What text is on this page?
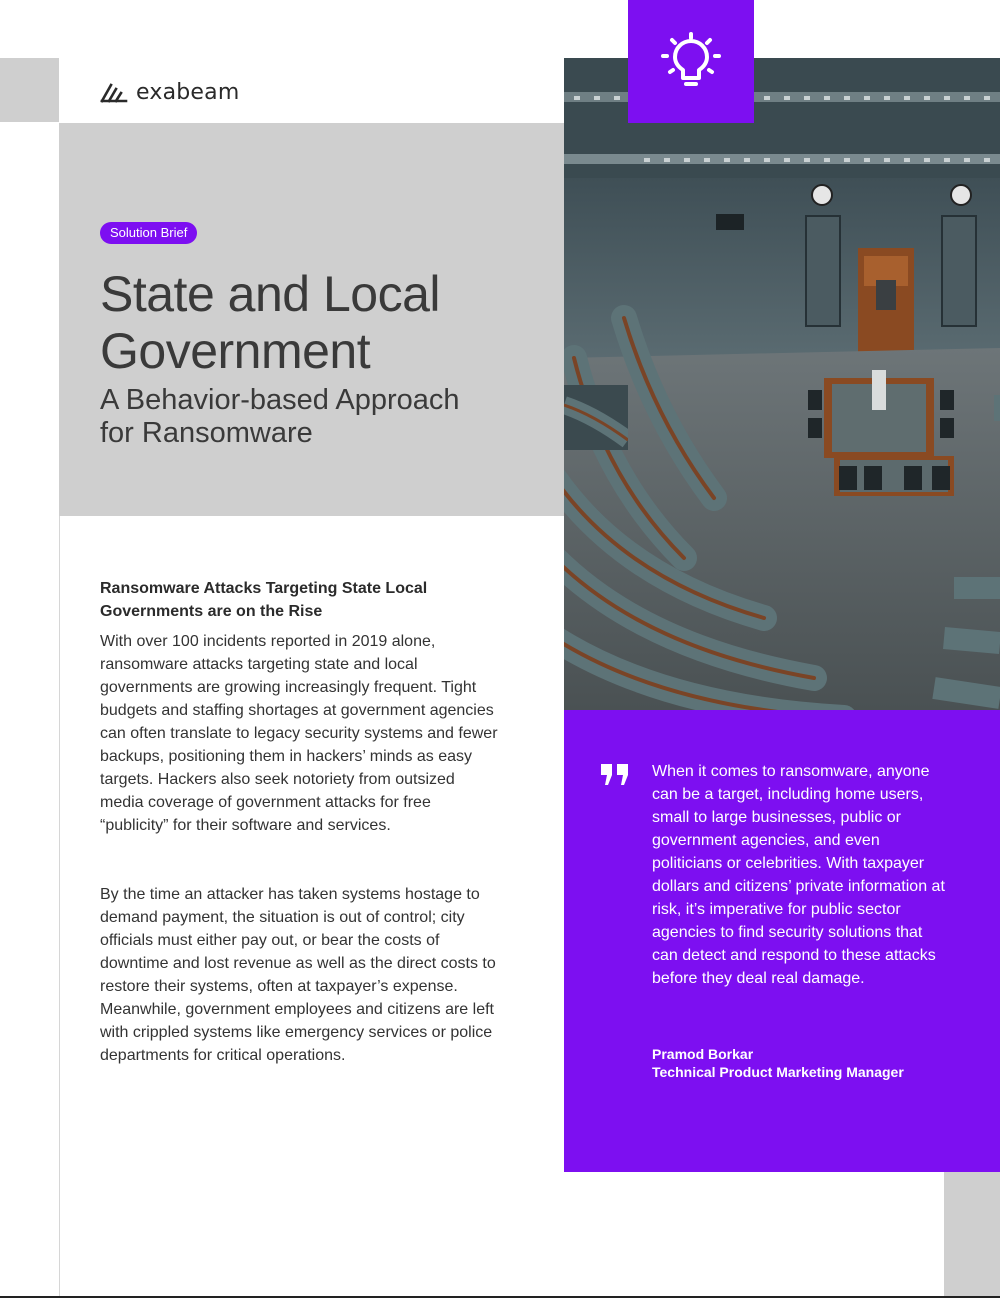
exabeam
Solution Brief
State and Local
Government
A Behavior-based Approach
for Ransomware
Ransomware Attacks Targeting State Local
Governments are on the Rise

With over 100 incidents reported in 2019 alone, ransomware attacks targeting state and local governments are growing increasingly frequent. Tight budgets and staffing shortages at government agencies can often translate to legacy security systems and fewer backups, positioning them in hackers’ minds as easy targets. Hackers also seek notoriety from outsized media coverage of government attacks for free “publicity” for their software and services.

By the time an attacker has taken systems hostage to demand payment, the situation is out of control; city officials must either pay out, or bear the costs of downtime and lost revenue as well as the direct costs to restore their systems, often at taxpayer’s expense. Meanwhile, government employees and citizens are left with crippled systems like emergency services or police departments for critical operations.

When it comes to ransomware, anyone can be a target, including home users, small to large businesses, public or government agencies, and even politicians or celebrities. With taxpayer dollars and citizens’ private information at risk, it’s imperative for public sector agencies to find security solutions that can detect and respond to these attacks before they deal real damage.

Pramod Borkar

Technical Product Marketing Manager
